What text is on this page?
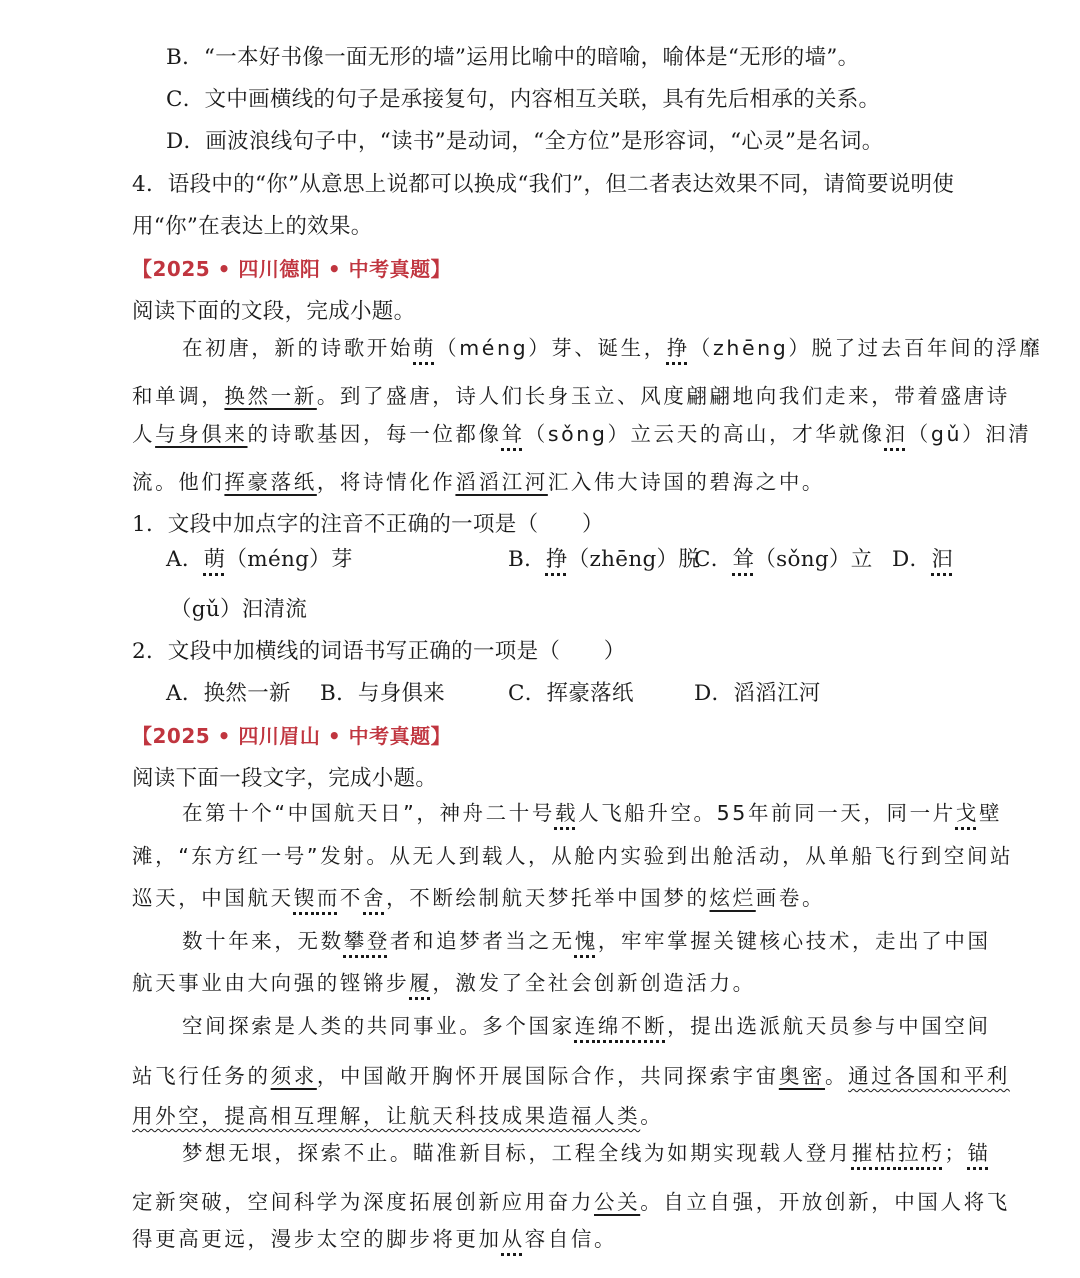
B．“一本好书像一面无形的墙”运用比喻中的暗喻，喻体是“无形的墙”。
C．文中画横线的句子是承接复句，内容相互关联，具有先后相承的关系。
D．画波浪线句子中，“读书”是动词，“全方位”是形容词，“心灵”是名词。
4．语段中的“你”从意思上说都可以换成“我们”，但二者表达效果不同，请简要说明使
用“你”在表达上的效果。
【2025 • 四川德阳 • 中考真题】
阅读下面的文段，完成小题。
在初唐，新的诗歌开始萌（méng）芽、诞生，挣（zhēng）脱了过去百年间的浮靡
和单调，换然一新。到了盛唐，诗人们长身玉立、风度翩翩地向我们走来，带着盛唐诗
人与身俱来的诗歌基因，每一位都像耸（sǒng）立云天的高山，才华就像汩（gǔ）汩清
流。他们挥豪落纸，将诗情化作滔滔江河汇入伟大诗国的碧海之中。
1．文段中加点字的注音不正确的一项是（　　）
A．萌（méng）芽	B．挣（zhēng）脱
C．耸（sǒng）立 D．汩
（gǔ）汩清流
2．文段中加横线的词语书写正确的一项是（　　）
A．换然一新 B．与身俱来	C．挥豪落纸	D．滔滔江河
【2025 • 四川眉山 • 中考真题】
阅读下面一段文字，完成小题。
在第十个“中国航天日”，神舟二十号载人飞船升空。55年前同一天，同一片戈壁
滩，“东方红一号”发射。从无人到载人，从舱内实验到出舱活动，从单船飞行到空间站
巡天，中国航天锲而不舍，不断绘制航天梦托举中国梦的炫烂画卷。
数十年来，无数攀登者和追梦者当之无愧，牢牢掌握关键核心技术，走出了中国
航天事业由大向强的铿锵步履，激发了全社会创新创造活力。
空间探索是人类的共同事业。多个国家连绵不断，提出选派航天员参与中国空间
站飞行任务的须求，中国敞开胸怀开展国际合作，共同探索宇宙奥密。通过各国和平利
用外空，提高相互理解，让航天科技成果造福人类。
梦想无垠，探索不止。瞄准新目标，工程全线为如期实现载人登月摧枯拉朽；锚
定新突破，空间科学为深度拓展创新应用奋力公关。自立自强，开放创新，中国人将飞
得更高更远，漫步太空的脚步将更加从容自信。
